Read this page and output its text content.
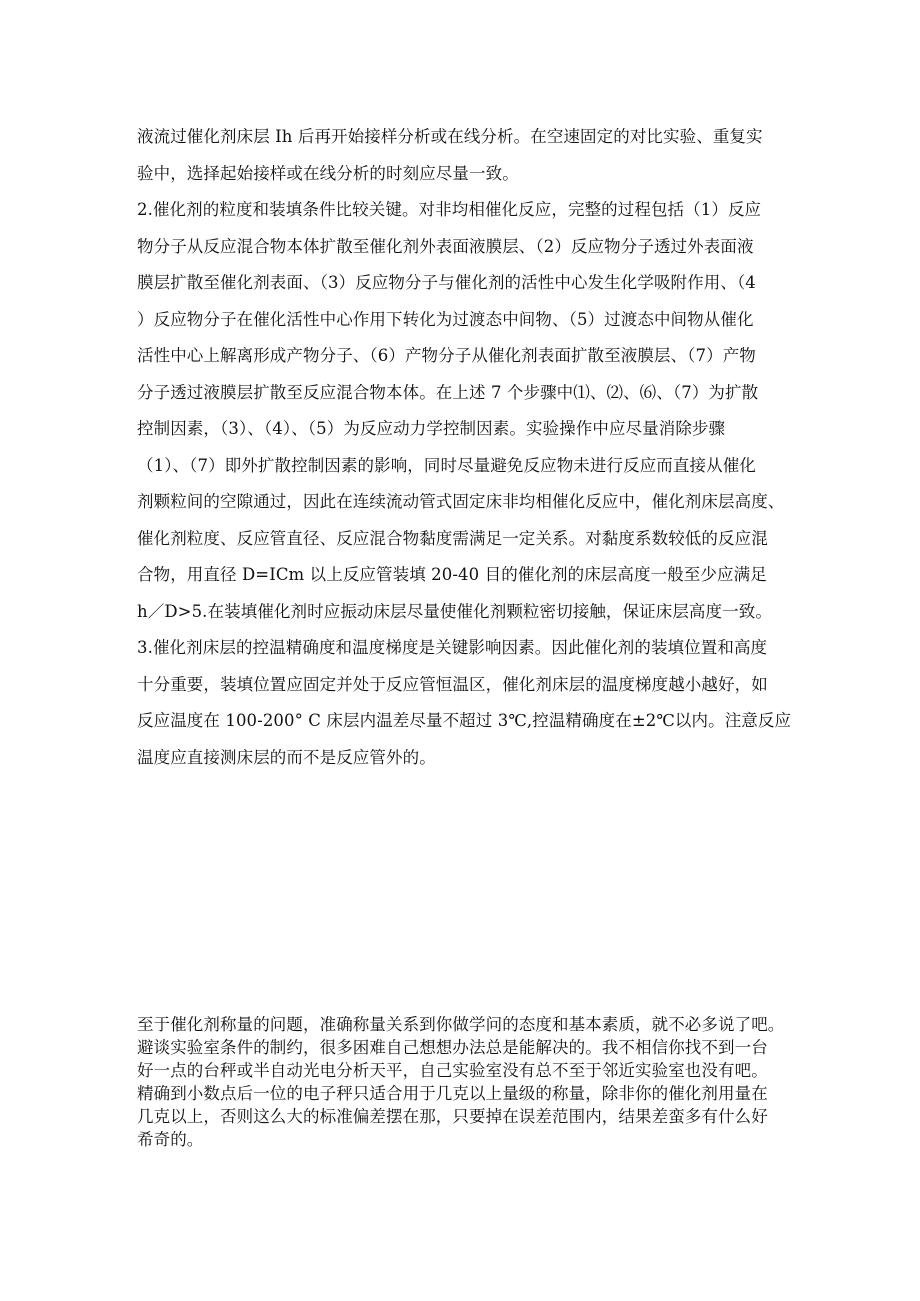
液流过催化剂床层 Ih 后再开始接样分析或在线分析。在空速固定的对比实验、重复实
验中，选择起始接样或在线分析的时刻应尽量一致。
2.催化剂的粒度和装填条件比较关键。对非均相催化反应，完整的过程包括（1）反应
物分子从反应混合物本体扩散至催化剂外表面液膜层、（2）反应物分子透过外表面液
膜层扩散至催化剂表面、（3）反应物分子与催化剂的活性中心发生化学吸附作用、（4
）反应物分子在催化活性中心作用下转化为过渡态中间物、（5）过渡态中间物从催化
活性中心上解离形成产物分子、（6）产物分子从催化剂表面扩散至液膜层、（7）产物
分子透过液膜层扩散至反应混合物本体。在上述 7 个步骤中⑴、⑵、⑹、（7）为扩散
控制因素，（3）、（4）、（5）为反应动力学控制因素。实验操作中应尽量消除步骤
（1）、（7）即外扩散控制因素的影响，同时尽量避免反应物未进行反应而直接从催化
剂颗粒间的空隙通过，因此在连续流动管式固定床非均相催化反应中，催化剂床层高度、
催化剂粒度、反应管直径、反应混合物黏度需满足一定关系。对黏度系数较低的反应混
合物，用直径 D=ICm 以上反应管装填 20-40 目的催化剂的床层高度一般至少应满足
h／D>5.在装填催化剂时应振动床层尽量使催化剂颗粒密切接触，保证床层高度一致。
3.催化剂床层的控温精确度和温度梯度是关键影响因素。因此催化剂的装填位置和高度
十分重要，装填位置应固定并处于反应管恒温区，催化剂床层的温度梯度越小越好，如
反应温度在 100-200° C 床层内温差尽量不超过 3℃,控温精确度在±2℃以内。注意反应
温度应直接测床层的而不是反应管外的。
至于催化剂称量的问题，准确称量关系到你做学问的态度和基本素质，就不必多说了吧。
避谈实验室条件的制约，很多困难自己想想办法总是能解决的。我不相信你找不到一台
好一点的台秤或半自动光电分析天平，自己实验室没有总不至于邻近实验室也没有吧。
精确到小数点后一位的电子秤只适合用于几克以上量级的称量，除非你的催化剂用量在
几克以上，否则这么大的标准偏差摆在那，只要掉在误差范围内，结果差蛮多有什么好
希奇的。
